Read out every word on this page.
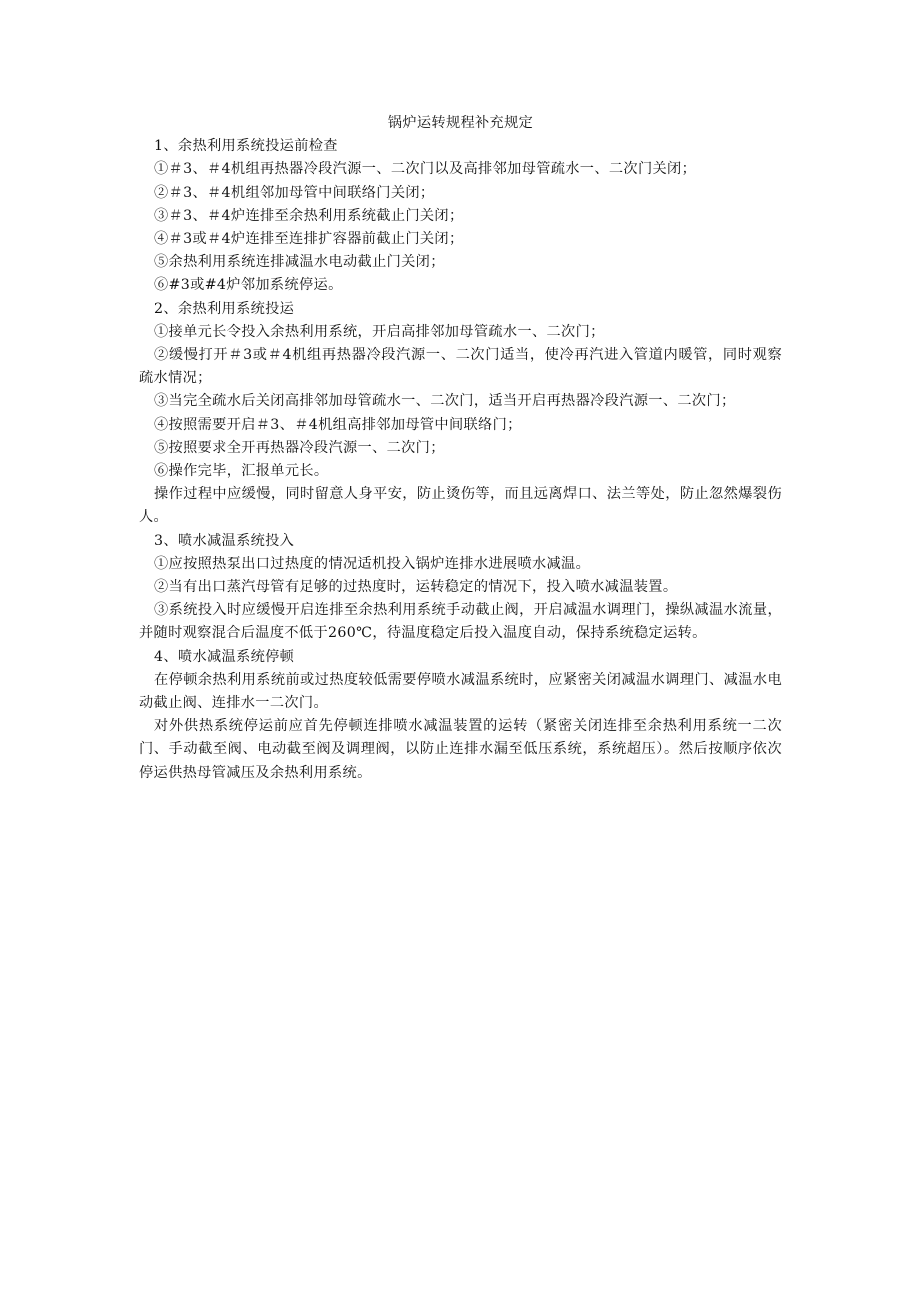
锅炉运转规程补充规定
1、余热利用系统投运前检查
①＃3、＃4机组再热器冷段汽源一、二次门以及高排邻加母管疏水一、二次门关闭；
②＃3、＃4机组邻加母管中间联络门关闭；
③＃3、＃4炉连排至余热利用系统截止门关闭；
④＃3或＃4炉连排至连排扩容器前截止门关闭；
⑤余热利用系统连排减温水电动截止门关闭；
⑥#3或#4炉邻加系统停运。
2、余热利用系统投运
①接单元长令投入余热利用系统，开启高排邻加母管疏水一、二次门；
②缓慢打开＃3或＃4机组再热器冷段汽源一、二次门适当，使冷再汽进入管道内暖管，同时观察疏水情况；
③当完全疏水后关闭高排邻加母管疏水一、二次门，适当开启再热器冷段汽源一、二次门；
④按照需要开启＃3、＃4机组高排邻加母管中间联络门；
⑤按照要求全开再热器冷段汽源一、二次门；
⑥操作完毕，汇报单元长。
操作过程中应缓慢，同时留意人身平安，防止烫伤等，而且远离焊口、法兰等处，防止忽然爆裂伤人。
3、喷水减温系统投入
①应按照热泵出口过热度的情况适机投入锅炉连排水进展喷水减温。
②当有出口蒸汽母管有足够的过热度时，运转稳定的情况下，投入喷水减温装置。
③系统投入时应缓慢开启连排至余热利用系统手动截止阀，开启减温水调理门，操纵减温水流量，并随时观察混合后温度不低于260℃，待温度稳定后投入温度自动，保持系统稳定运转。
4、喷水减温系统停顿
在停顿余热利用系统前或过热度较低需要停喷水减温系统时，应紧密关闭减温水调理门、减温水电动截止阀、连排水一二次门。
对外供热系统停运前应首先停顿连排喷水减温装置的运转（紧密关闭连排至余热利用系统一二次门、手动截至阀、电动截至阀及调理阀，以防止连排水漏至低压系统，系统超压）。然后按顺序依次停运供热母管减压及余热利用系统。
